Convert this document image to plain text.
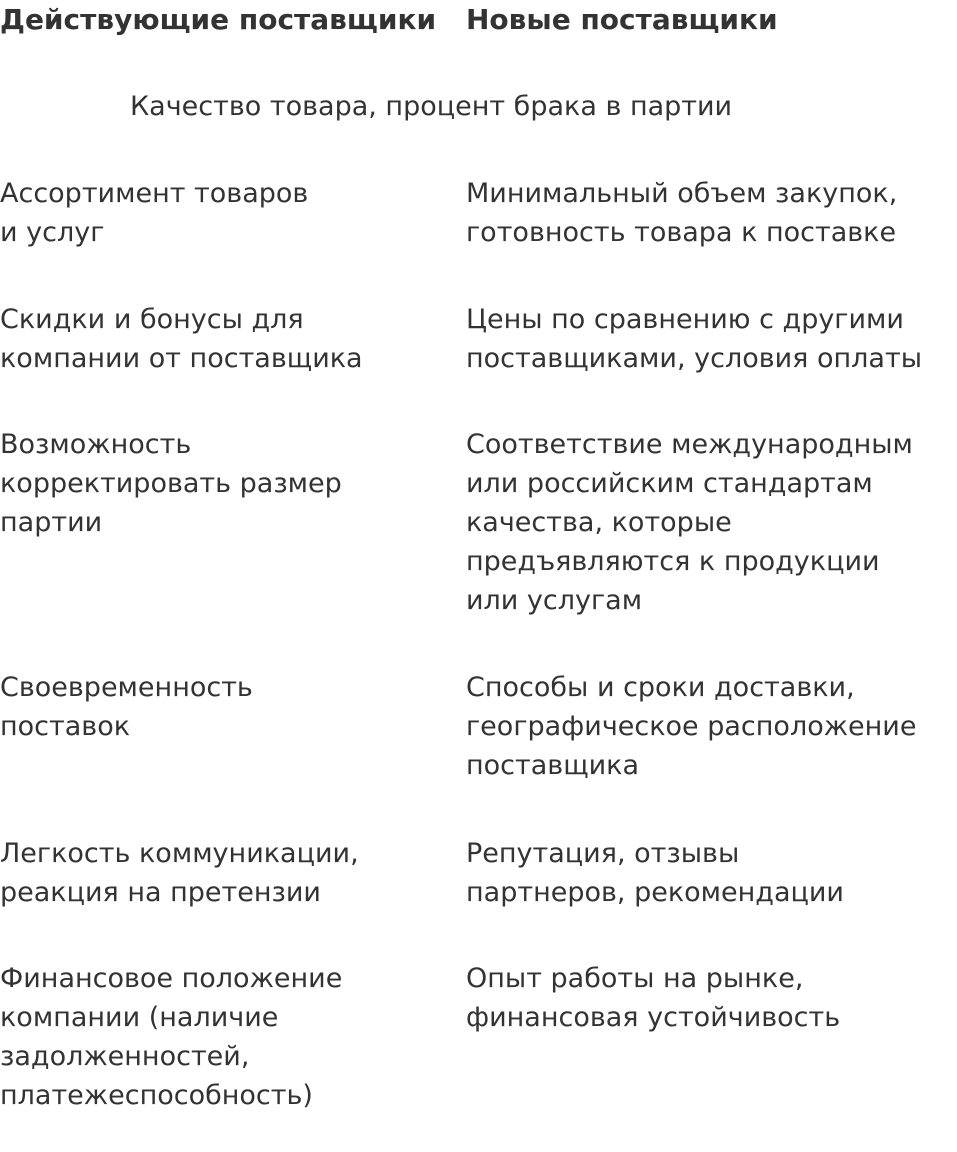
Действующие поставщики Новые поставщики
Качество товара, процент брака в партии
Ассортимент товаров
и услуг
Минимальный объем закупок,
готовность товара к поставке
Скидки и бонусы для
компании от поставщика
Цены по сравнению с другими
поставщиками, условия оплаты
Возможность
корректировать размер
партии
Соответствие международным
или российским стандартам
качества, которые
предъявляются к продукции
или услугам
Своевременность
поставок
Способы и сроки доставки,
географическое расположение
поставщика
Легкость коммуникации,
реакция на претензии
Репутация, отзывы
партнеров, рекомендации
Финансовое положение
компании (наличие
задолженностей,
платежеспособность)
Опыт работы на рынке,
финансовая устойчивость
